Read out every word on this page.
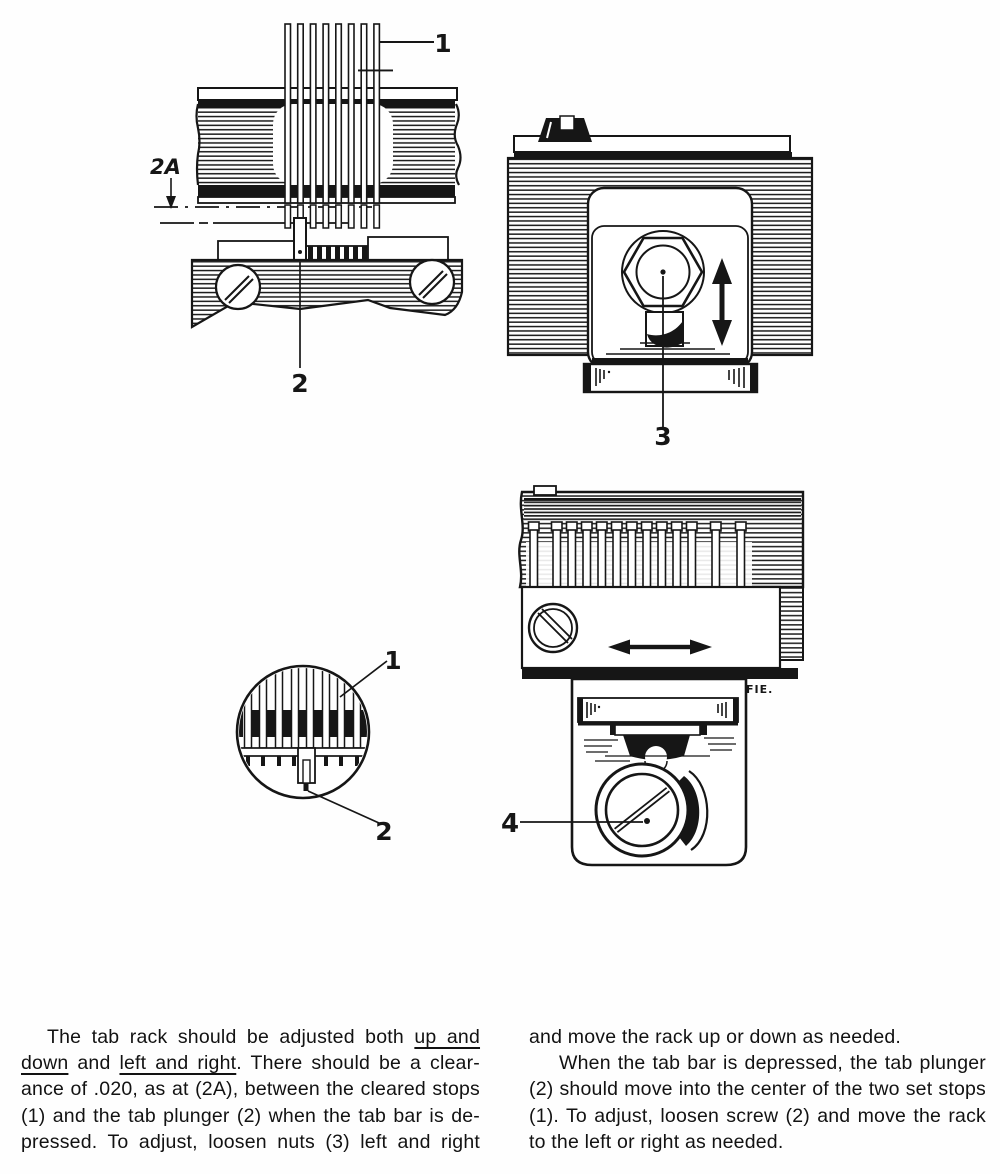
1
2A
2
3
1
2
FIE.
4
The tab rack should be adjusted both up and
down and left and right. There should be a clear-
ance of .020, as at (2A), between the cleared stops
(1) and the tab plunger (2) when the tab bar is de-
pressed. To adjust, loosen nuts (3) left and right
and move the rack up or down as needed.
When the tab bar is depressed, the tab plunger
(2) should move into the center of the two set stops
(1). To adjust, loosen screw (2) and move the rack
to the left or right as needed.
